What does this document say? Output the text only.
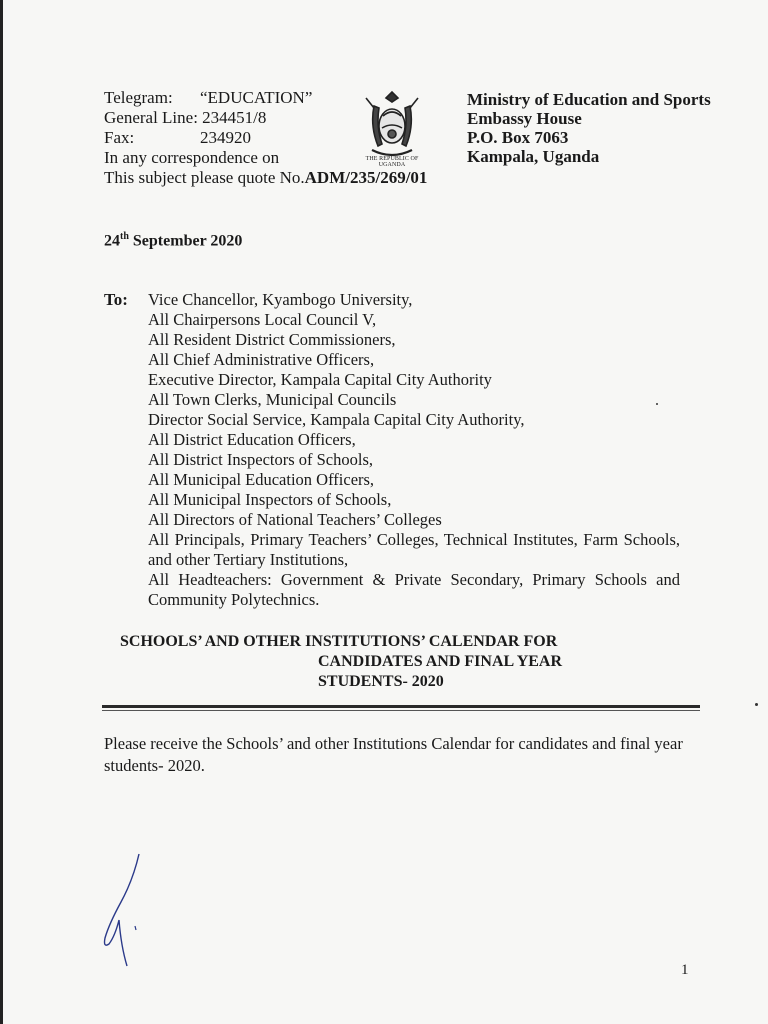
Telegram: “EDUCATION”
General Line: 234451/8
Fax:	234920
In any correspondence on
This subject please quote No.ADM/235/269/01
THE REPUBLIC OF UGANDA
Ministry of Education and Sports
Embassy House
P.O. Box 7063
Kampala, Uganda
24th September 2020
To: Vice Chancellor, Kyambogo University,
All Chairpersons Local Council V,
All Resident District Commissioners,
All Chief Administrative Officers,
Executive Director, Kampala Capital City Authority
All Town Clerks, Municipal Councils
Director Social Service, Kampala Capital City Authority,
All District Education Officers,
All District Inspectors of Schools,
All Municipal Education Officers,
All Municipal Inspectors of Schools,
All Directors of National Teachers’ Colleges
All Principals, Primary Teachers’ Colleges, Technical Institutes, Farm Schools, and other Tertiary Institutions,
All Headteachers: Government & Private Secondary, Primary Schools and Community Polytechnics.
SCHOOLS’ AND OTHER INSTITUTIONS’ CALENDAR FOR
CANDIDATES AND FINAL YEAR
STUDENTS- 2020
Please receive the Schools’ and other Institutions Calendar for candidates and final year students- 2020.
1
